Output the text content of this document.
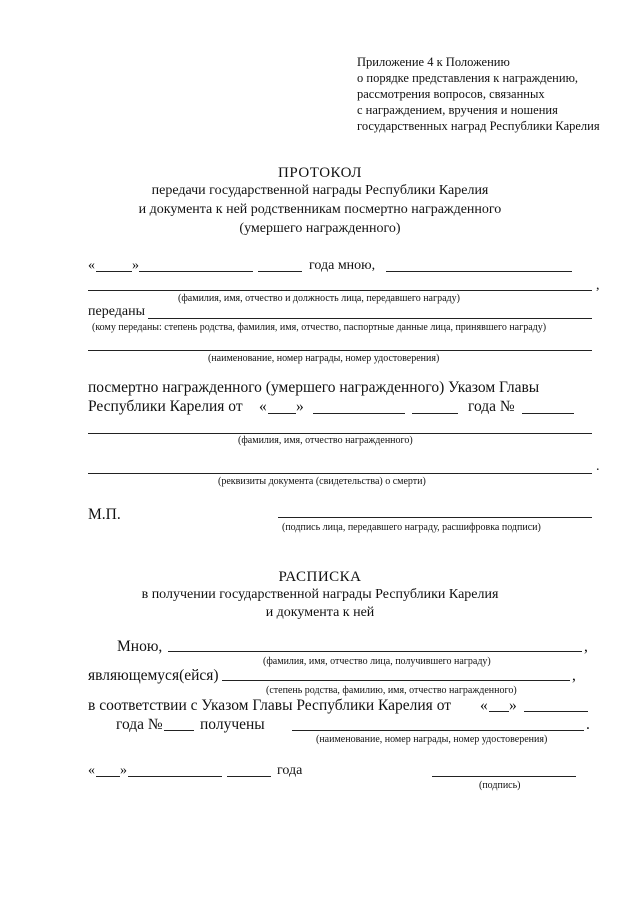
Приложение 4 к Положению
о порядке представления к награждению,
рассмотрения вопросов, связанных
с награждением, вручения и ношения
государственных наград Республики Карелия
ПРОТОКОЛ
передачи государственной награды Республики Карелия
и документа к ней родственникам посмертно награжденного
(умершего награжденного)
«	»	года мною,
,
(фамилия, имя, отчество и должность лица, передавшего награду)
переданы
(кому переданы: степень родства, фамилия, имя, отчество, паспортные данные лица, принявшего награду)
(наименование, номер награды, номер удостоверения)
посмертно награжденного (умершего награжденного) Указом Главы
Республики Карелия от « »	года №
(фамилия, имя, отчество награжденного)
.
(реквизиты документа (свидетельства) о смерти)
М.П.
(подпись лица, передавшего награду, расшифровка подписи)
РАСПИСКА
в получении государственной награды Республики Карелия
и документа к ней
Мною,	,
(фамилия, имя, отчество лица, получившего награду)
являющемуся(ейся)	,
(степень родства, фамилию, имя, отчество награжденного)
в соответствии с Указом Главы Республики Карелия от « »
года № получены	.
(наименование, номер награды, номер удостоверения)
« »	года
(подпись)
